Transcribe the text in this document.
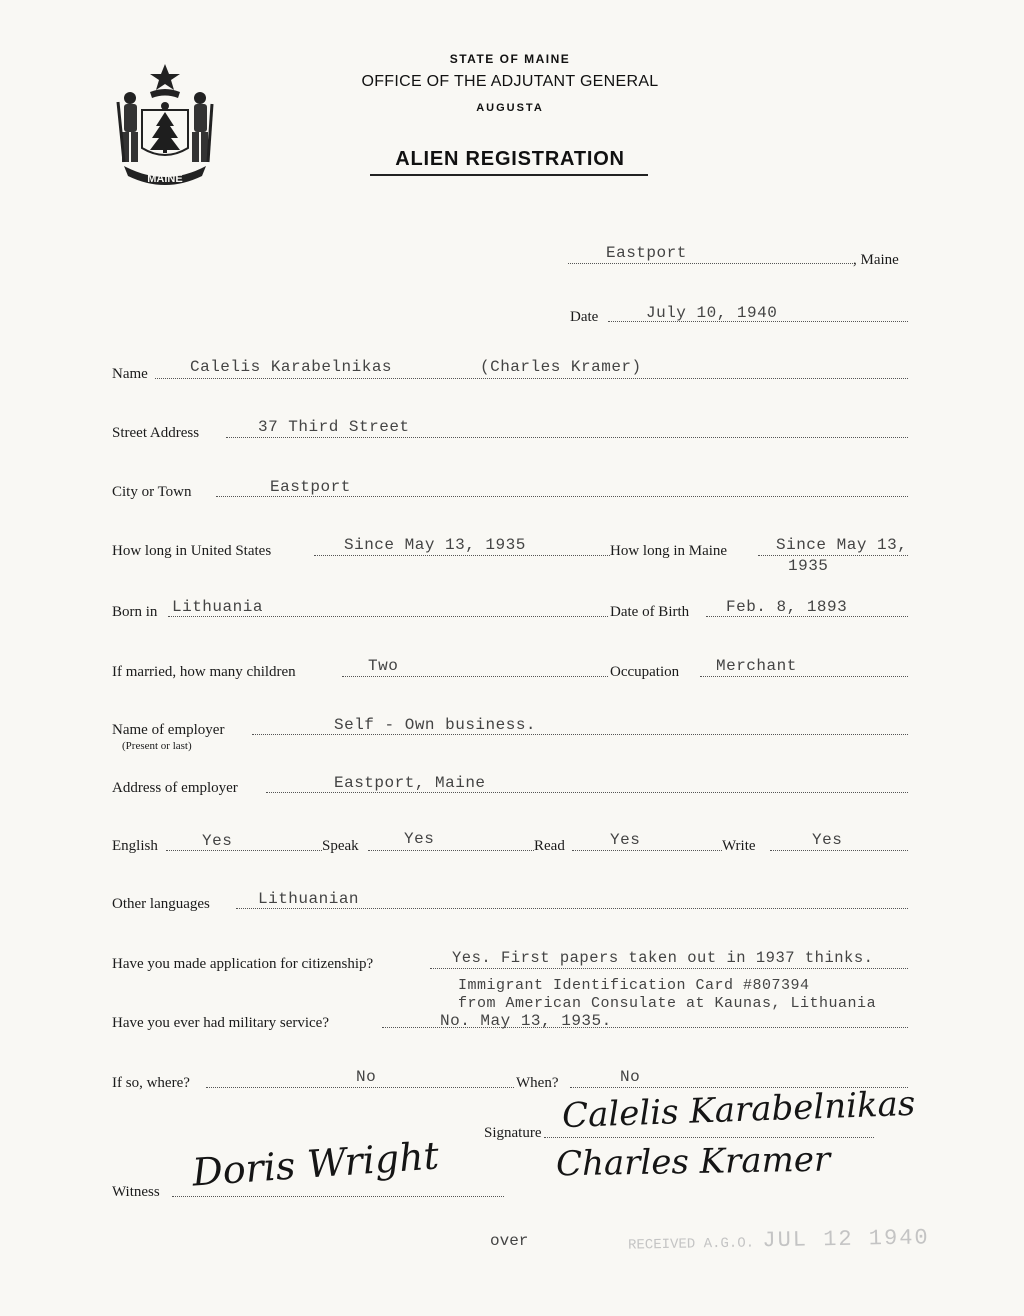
MAINE
STATE OF MAINE
OFFICE OF THE ADJUTANT GENERAL
AUGUSTA
ALIEN REGISTRATION
Eastport	, Maine
Date	July 10, 1940
Name	Calelis Karabelnikas	(Charles Kramer)
Street Address	37 Third Street
City or Town	Eastport
How long in United States	Since May 13, 1935	How long in Maine	Since May 13,
1935
Born in Lithuania	Date of Birth Feb. 8, 1893
If married, how many children	Two	Occupation Merchant
Name of employer
(Present or last)
Self - Own business.
Address of employer	Eastport, Maine
English	Yes	Speak	Yes	Read	Yes	Write	Yes
Other languages	Lithuanian
Have you made application for citizenship?	Yes. First papers taken out in 1937 thinks.
Immigrant Identification Card #807394
from American Consulate at Kaunas, Lithuania
Have you ever had military service?	No. May 13, 1935.
If so, where?	No	When?	No
Signature Calelis Karabelnikas
Charles Kramer
Witness Doris Wright
over	RECEIVED A.G.O. JUL 12 1940
